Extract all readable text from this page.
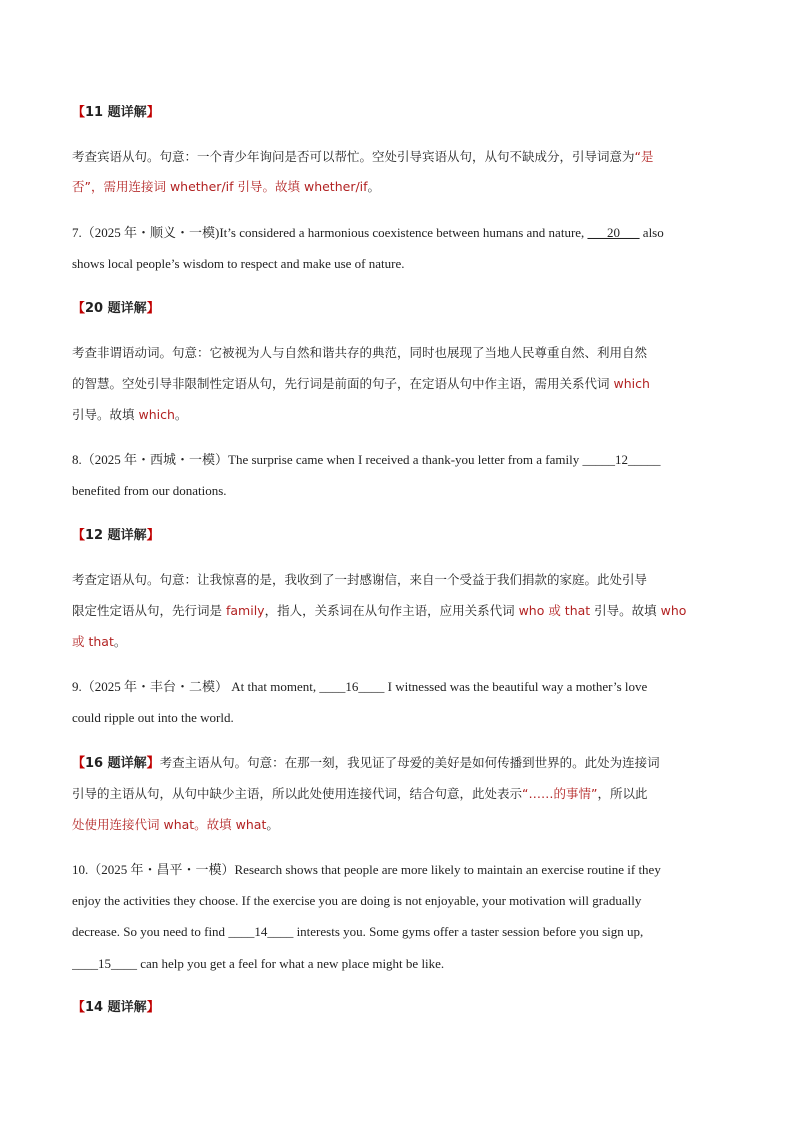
【11 题详解】
考查宾语从句。句意：一个青少年询问是否可以帮忙。空处引导宾语从句，从句不缺成分，引导词意为“是
否”，需用连接词 whether/if 引导。故填 whether/if。
7.（2025 年・顺义・一模)It’s considered a harmonious coexistence between humans and nature, ___20___ also
shows local people’s wisdom to respect and make use of nature.
【20 题详解】
考查非谓语动词。句意：它被视为人与自然和谐共存的典范，同时也展现了当地人民尊重自然、利用自然
的智慧。空处引导非限制性定语从句，先行词是前面的句子，在定语从句中作主语，需用关系代词 which
引导。故填 which。
8.（2025 年・西城・一模）The surprise came when I received a thank-you letter from a family _____12_____
benefited from our donations.
【12 题详解】
考查定语从句。句意：让我惊喜的是，我收到了一封感谢信，来自一个受益于我们捐款的家庭。此处引导
限定性定语从句，先行词是 family，指人，关系词在从句作主语，应用关系代词 who 或 that 引导。故填 who
或 that。
9.（2025 年・丰台・二模） At that moment, ____16____ I witnessed was the beautiful way a mother’s love
could ripple out into the world.
【16 题详解】考查主语从句。句意：在那一刻，我见证了母爱的美好是如何传播到世界的。此处为连接词
引导的主语从句，从句中缺少主语，所以此处使用连接代词，结合句意，此处表示“……的事情”，所以此
处使用连接代词 what。故填 what。
10.（2025 年・昌平・一模）Research shows that people are more likely to maintain an exercise routine if they
enjoy the activities they choose. If the exercise you are doing is not enjoyable, your motivation will gradually
decrease. So you need to find ____14____ interests you. Some gyms offer a taster session before you sign up,
____15____ can help you get a feel for what a new place might be like.
【14 题详解】
